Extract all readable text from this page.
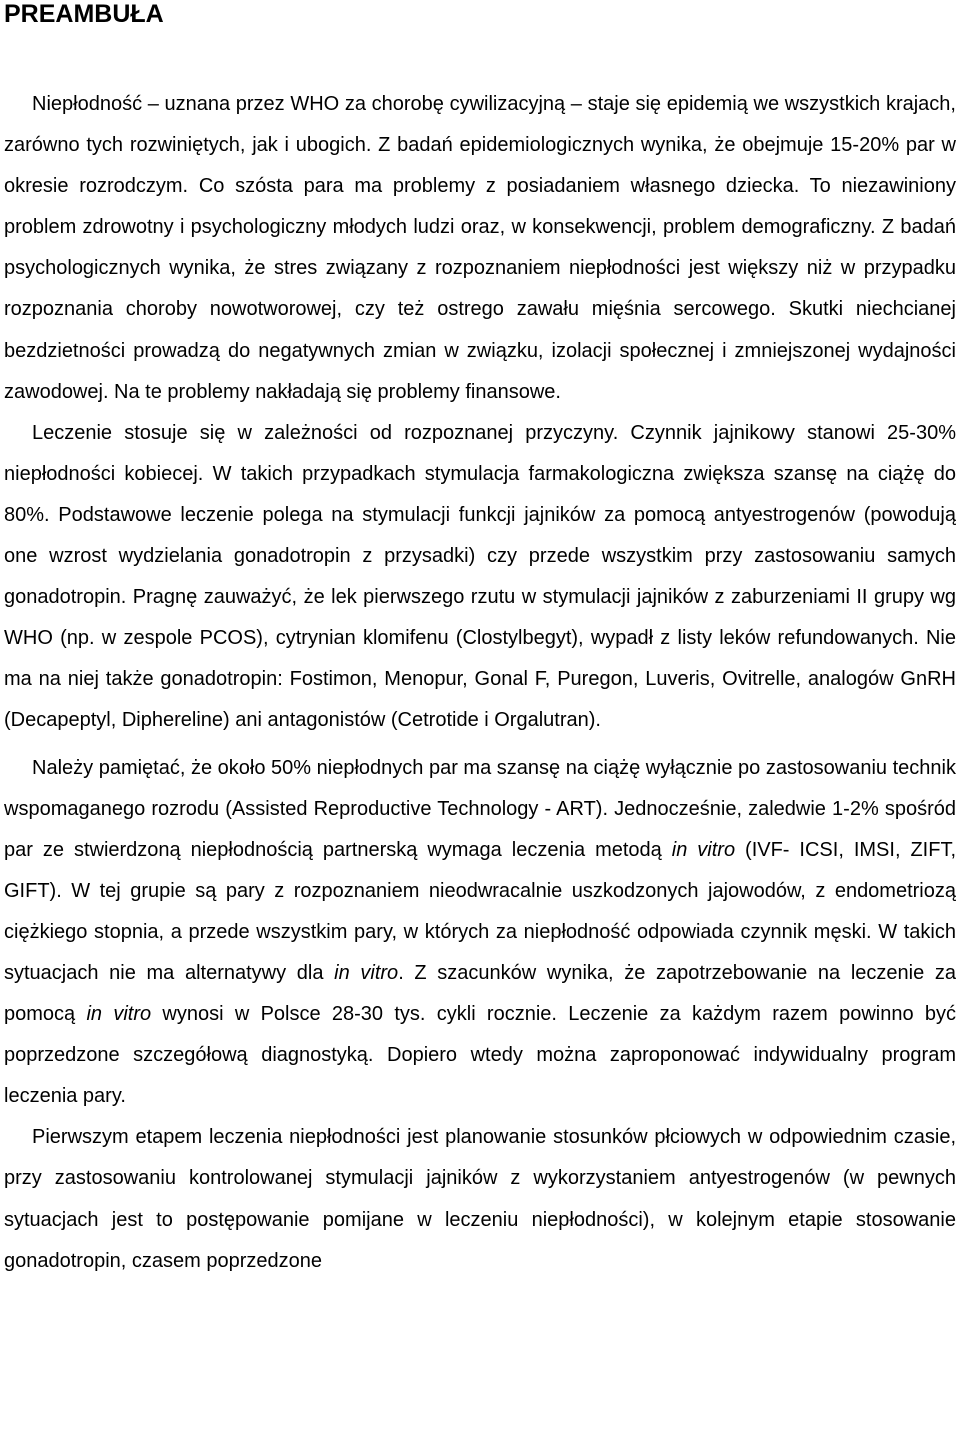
PREAMBUŁA

Niepłodność – uznana przez WHO za chorobę cywilizacyjną – staje się epidemią we wszystkich krajach, zarówno tych rozwiniętych, jak i ubogich. Z badań epidemiologicznych wynika, że obejmuje 15-20% par w okresie rozrodczym. Co szósta para ma problemy z posiadaniem własnego dziecka. To niezawiniony problem zdrowotny i psychologiczny młodych ludzi oraz, w konsekwencji, problem demograficzny. Z badań psychologicznych wynika, że stres związany z rozpoznaniem niepłodności jest większy niż w przypadku rozpoznania choroby nowotworowej, czy też ostrego zawału mięśnia sercowego. Skutki niechcianej bezdzietności prowadzą do negatywnych zmian w związku, izolacji społecznej i zmniejszonej wydajności zawodowej. Na te problemy nakładają się problemy finansowe.

Leczenie stosuje się w zależności od rozpoznanej przyczyny. Czynnik jajnikowy stanowi 25-30% niepłodności kobiecej. W takich przypadkach stymulacja farmakologiczna zwiększa szansę na ciążę do 80%. Podstawowe leczenie polega na stymulacji funkcji jajników za pomocą antyestrogenów (powodują one wzrost wydzielania gonadotropin z przysadki) czy przede wszystkim przy zastosowaniu samych gonadotropin. Pragnę zauważyć, że lek pierwszego rzutu w stymulacji jajników z zaburzeniami II grupy wg WHO (np. w zespole PCOS), cytrynian klomifenu (Clostylbegyt), wypadł z listy leków refundowanych. Nie ma na niej także gonadotropin: Fostimon, Menopur, Gonal F, Puregon, Luveris, Ovitrelle, analogów GnRH (Decapeptyl, Diphereline) ani antagonistów (Cetrotide i Orgalutran).

Należy pamiętać, że około 50% niepłodnych par ma szansę na ciążę wyłącznie po zastosowaniu technik wspomaganego rozrodu (Assisted Reproductive Technology - ART). Jednocześnie, zaledwie 1-2% spośród par ze stwierdzoną niepłodnością partnerską wymaga leczenia metodą in vitro (IVF- ICSI, IMSI, ZIFT, GIFT). W tej grupie są pary z rozpoznaniem nieodwracalnie uszkodzonych jajowodów, z endometriozą ciężkiego stopnia, a przede wszystkim pary, w których za niepłodność odpowiada czynnik męski. W takich sytuacjach nie ma alternatywy dla in vitro. Z szacunków wynika, że zapotrzebowanie na leczenie za pomocą in vitro wynosi w Polsce 28-30 tys. cykli rocznie. Leczenie za każdym razem powinno być poprzedzone szczegółową diagnostyką. Dopiero wtedy można zaproponować indywidualny program leczenia pary.

Pierwszym etapem leczenia niepłodności jest planowanie stosunków płciowych w odpowiednim czasie, przy zastosowaniu kontrolowanej stymulacji jajników z wykorzystaniem antyestrogenów (w pewnych sytuacjach jest to postępowanie pomijane w leczeniu niepłodności), w kolejnym etapie stosowanie gonadotropin, czasem poprzedzone
